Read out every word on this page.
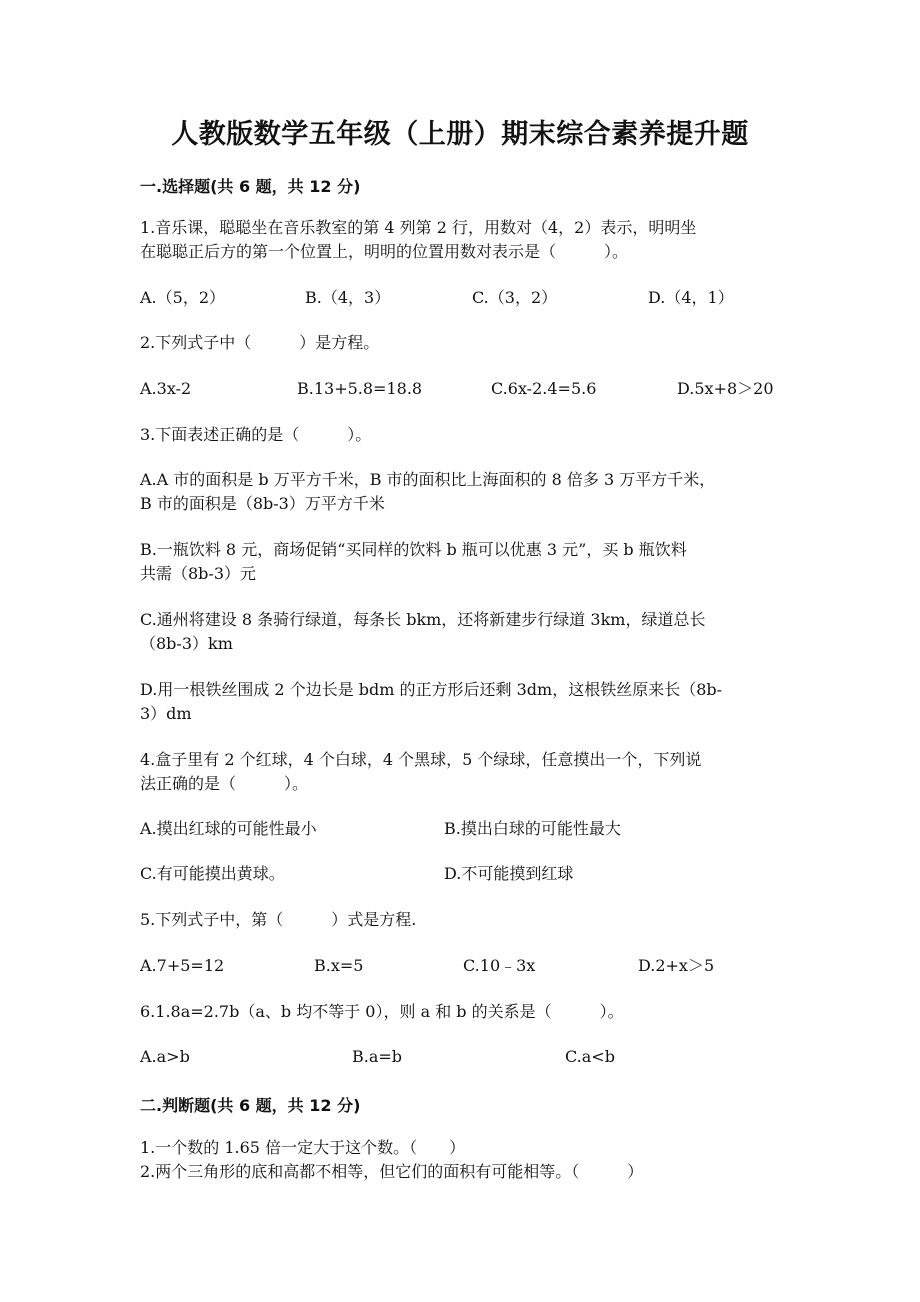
人教版数学五年级（上册）期末综合素养提升题
一.选择题(共 6 题，共 12 分)
1.音乐课，聪聪坐在音乐教室的第 4 列第 2 行，用数对（4，2）表示，明明坐
在聪聪正后方的第一个位置上，明明的位置用数对表示是（　　　）。
A.（5，2）	B.（4，3）	C.（3，2）	D.（4，1）
2.下列式子中（　　　）是方程。
A.3x-2	B.13+5.8=18.8	C.6x-2.4=5.6	D.5x+8＞20
3.下面表述正确的是（　　　）。
A.A 市的面积是 b 万平方千米，B 市的面积比上海面积的 8 倍多 3 万平方千米，
B 市的面积是（8b-3）万平方千米
B.一瓶饮料 8 元，商场促销“买同样的饮料 b 瓶可以优惠 3 元”，买 b 瓶饮料
共需（8b-3）元
C.通州将建设 8 条骑行绿道，每条长 bkm，还将新建步行绿道 3km，绿道总长
（8b-3）km
D.用一根铁丝围成 2 个边长是 bdm 的正方形后还剩 3dm，这根铁丝原来长（8b-
3）dm
4.盒子里有 2 个红球，4 个白球，4 个黑球，5 个绿球，任意摸出一个，下列说
法正确的是（　　　）。
A.摸出红球的可能性最小	B.摸出白球的可能性最大
C.有可能摸出黄球。	D.不可能摸到红球
5.下列式子中，第（　　　）式是方程.
A.7+5=12	B.x=5	C.10﹣3x	D.2+x＞5
6.1.8a=2.7b（a、b 均不等于 0），则 a 和 b 的关系是（　　　）。
A.a>b	B.a=b	C.a<b
二.判断题(共 6 题，共 12 分)
1.一个数的 1.65 倍一定大于这个数。（　　）
2.两个三角形的底和高都不相等，但它们的面积有可能相等。（　　　）
